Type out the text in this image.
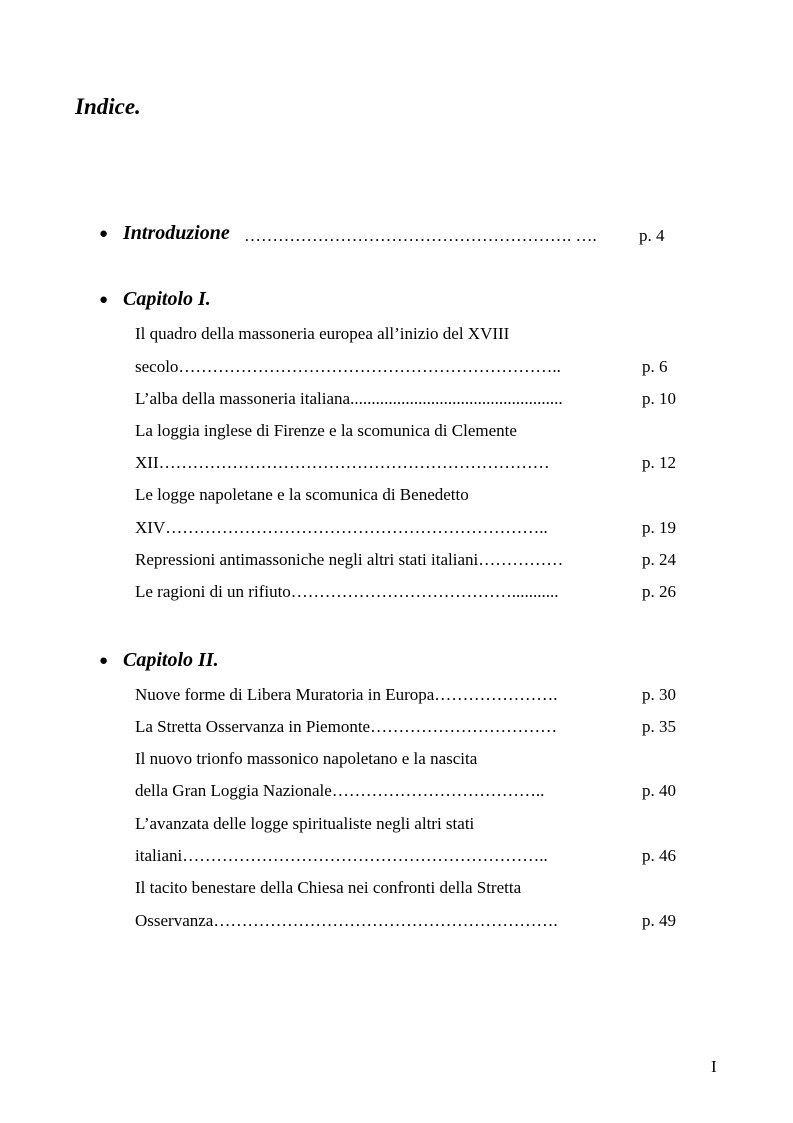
Indice.
● Introduzione …………………………………………………. …. p. 4
● Capitolo I.
Il quadro della massoneria europea all’inizio del XVIII
secolo…………………………………………………………..	p. 6
L’alba della massoneria italiana..................................................	p. 10
La loggia inglese di Firenze e la scomunica di Clemente
XII……………………………………………………………	p. 12
Le logge napoletane e la scomunica di Benedetto
XIV…………………………………………………………..	p. 19
Repressioni antimassoniche negli altri stati italiani……………	p. 24
Le ragioni di un rifiuto…………………………………...........	p. 26
● Capitolo II.
Nuove forme di Libera Muratoria in Europa………………….	p. 30
La Stretta Osservanza in Piemonte……………………………	p. 35
Il nuovo trionfo massonico napoletano e la nascita
della Gran Loggia Nazionale………………………………..	p. 40
L’avanzata delle logge spiritualiste negli altri stati
italiani………………………………………………………..	p. 46
Il tacito benestare della Chiesa nei confronti della Stretta
Osservanza…………………………………………………….	p. 49
I
